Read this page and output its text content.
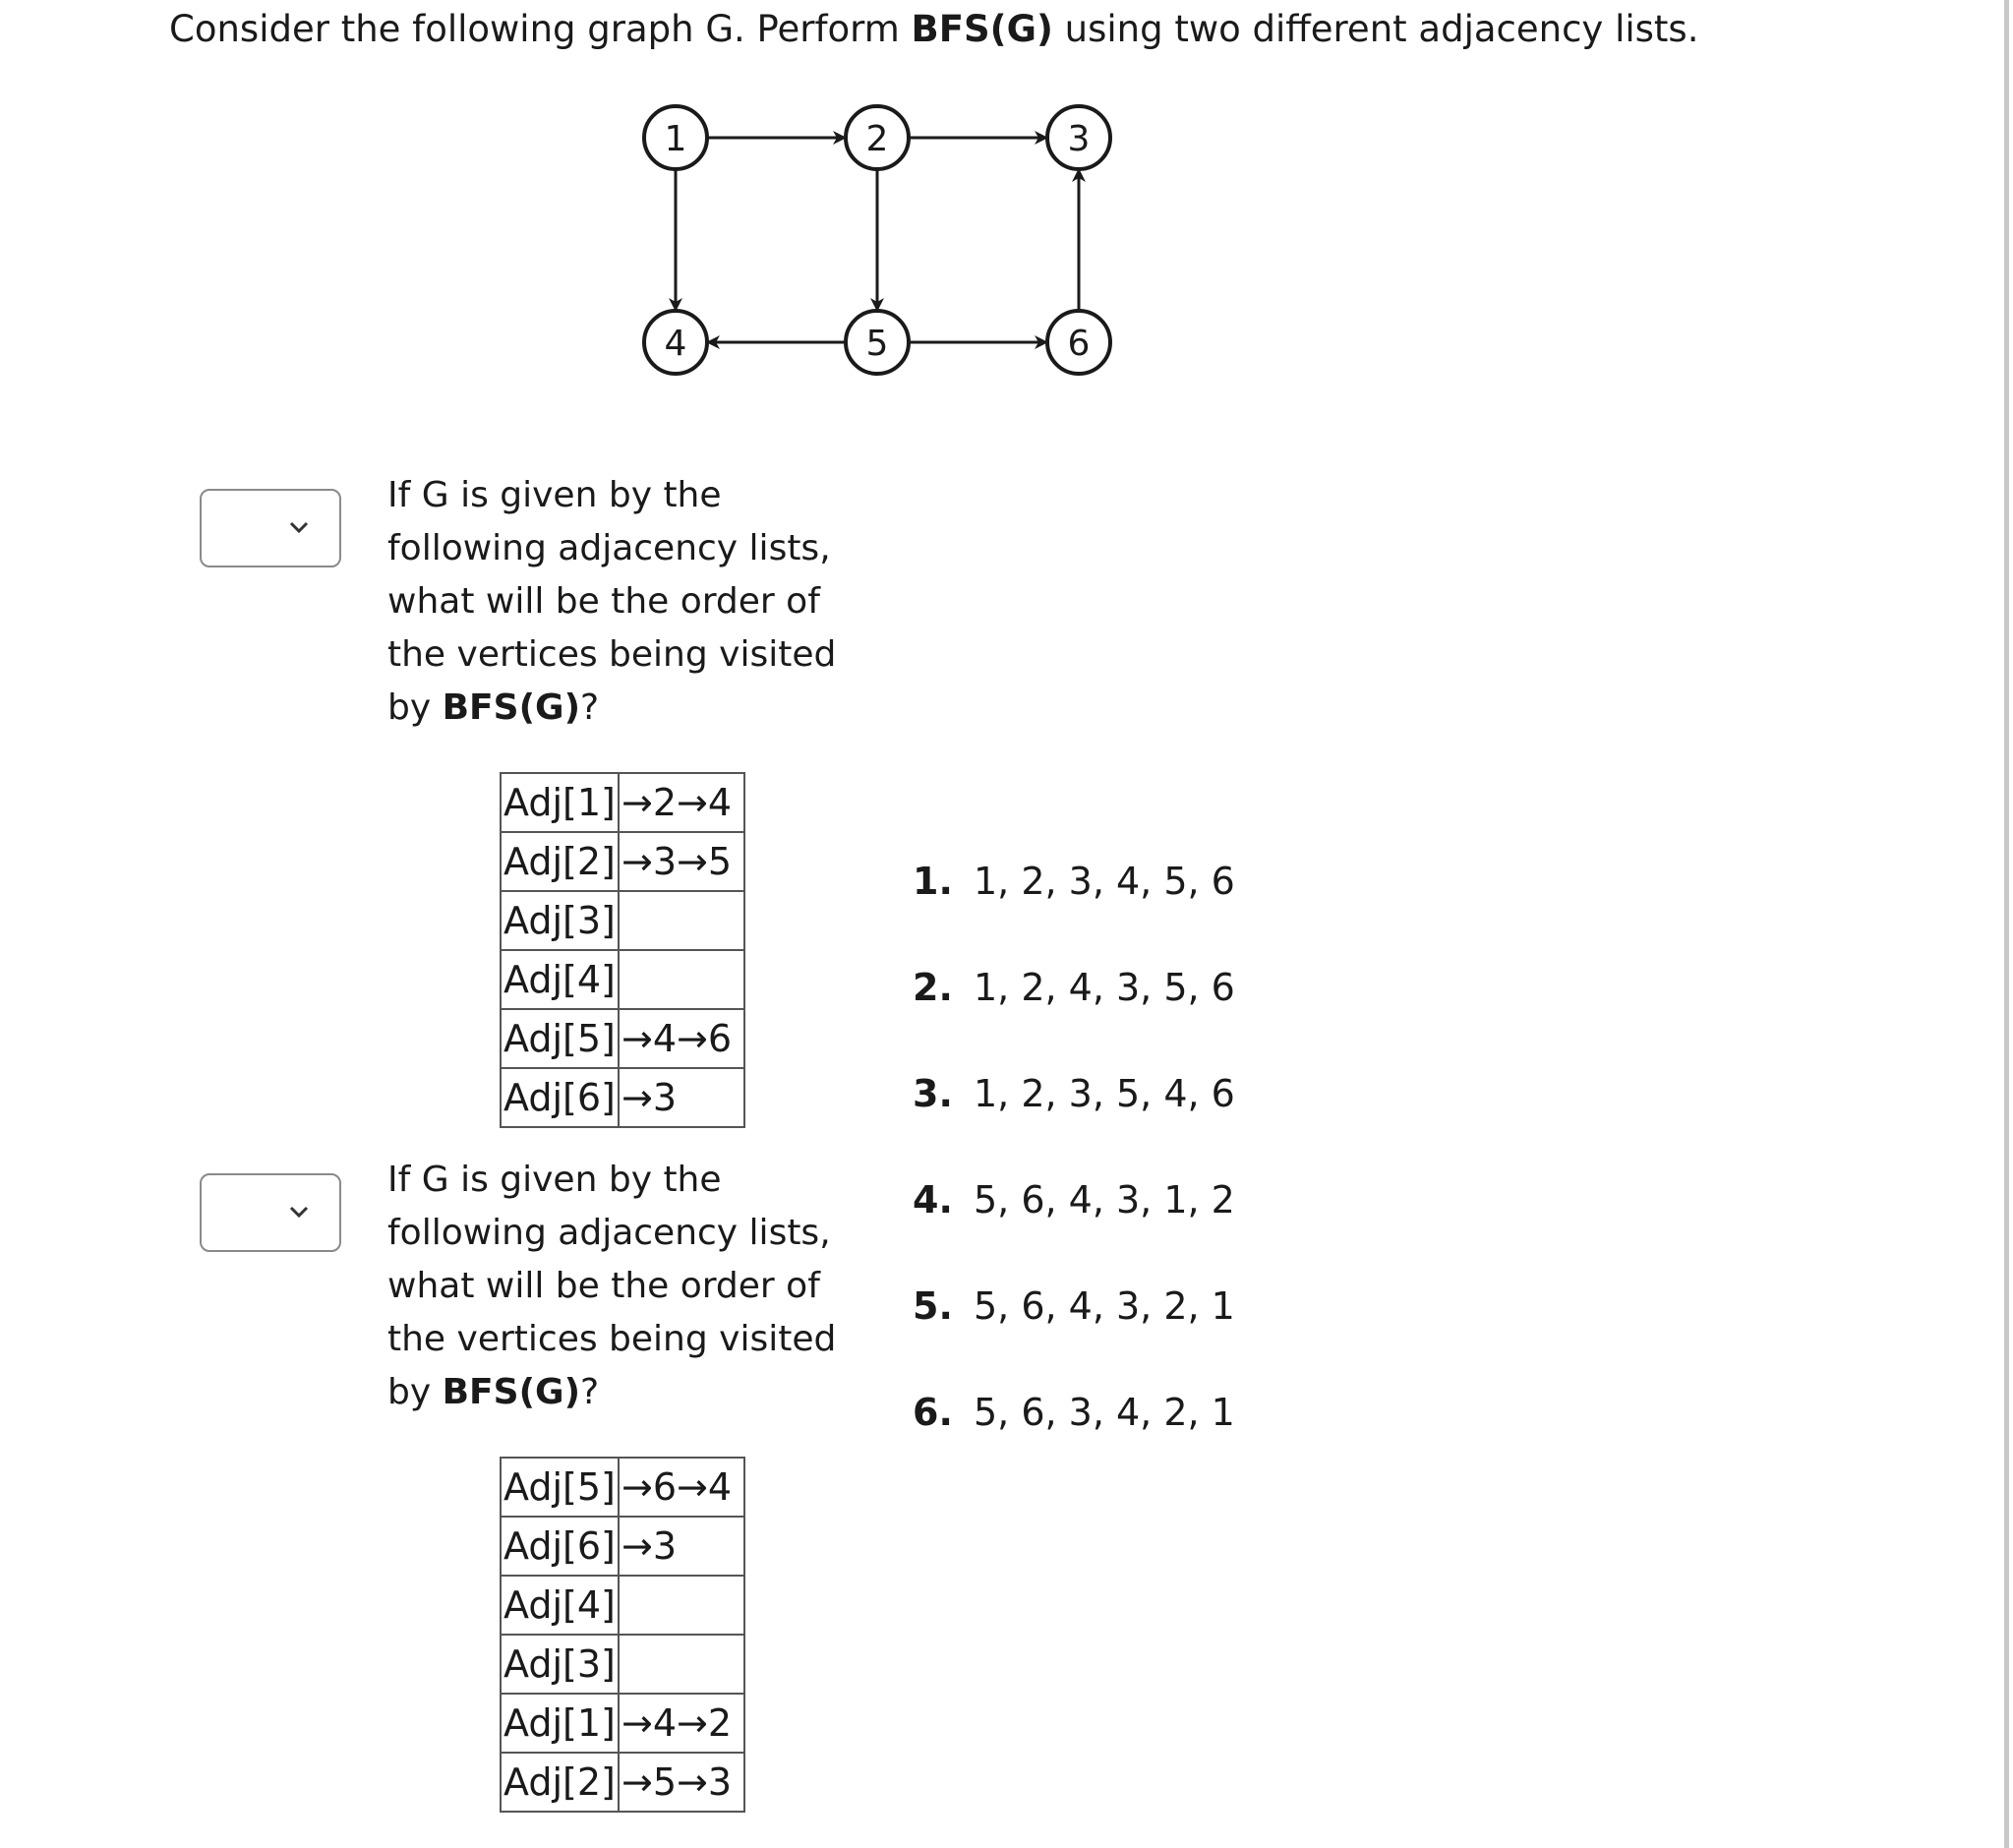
Consider the following graph G. Perform BFS(G) using two different adjacency lists.
1	2	3
4	5	6
If G is given by the following adjacency lists, what will be the order of the vertices being visited by BFS(G)?
Adj[1]	→2→4
Adj[2]	→3→5
Adj[3]	
Adj[4]	
Adj[5]	→4→6
Adj[6]	→3
If G is given by the following adjacency lists, what will be the order of the vertices being visited by BFS(G)?
Adj[5]	→6→4
Adj[6]	→3
Adj[4]	
Adj[3]	
Adj[1]	→4→2
Adj[2]	→5→3
1. 1, 2, 3, 4, 5, 6
2. 1, 2, 4, 3, 5, 6
3. 1, 2, 3, 5, 4, 6
4. 5, 6, 4, 3, 1, 2
5. 5, 6, 4, 3, 2, 1
6. 5, 6, 3, 4, 2, 1
